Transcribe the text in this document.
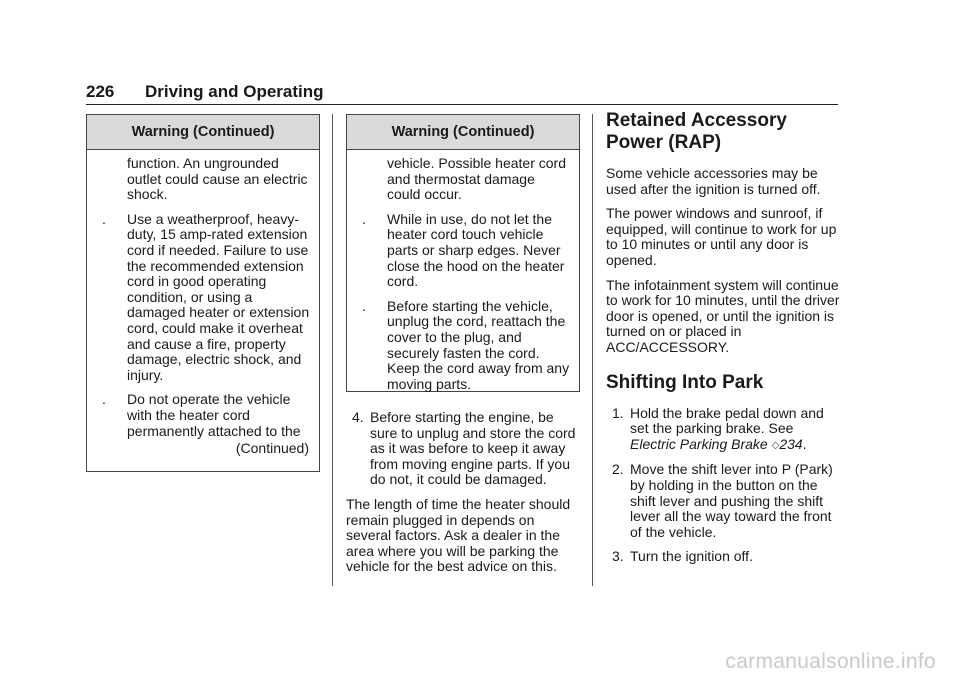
226 Driving and Operating
Warning (Continued)

function. An ungrounded outlet could cause an electric shock.

. Use a weatherproof, heavy-duty, 15 amp-rated extension cord if needed. Failure to use the recommended extension cord in good operating condition, or using a damaged heater or extension cord, could make it overheat and cause a fire, property damage, electric shock, and injury.
. Do not operate the vehicle with the heater cord permanently attached to the
(Continued)
Warning (Continued)

vehicle. Possible heater cord and thermostat damage could occur.

. While in use, do not let the heater cord touch vehicle parts or sharp edges. Never close the hood on the heater cord.
. Before starting the vehicle, unplug the cord, reattach the cover to the plug, and securely fasten the cord. Keep the cord away from any moving parts.
4. Before starting the engine, be sure to unplug and store the cord as it was before to keep it away from moving engine parts. If you do not, it could be damaged.

The length of time the heater should remain plugged in depends on several factors. Ask a dealer in the area where you will be parking the vehicle for the best advice on this.

Retained Accessory Power (RAP)

Some vehicle accessories may be used after the ignition is turned off.

The power windows and sunroof, if equipped, will continue to work for up to 10 minutes or until any door is opened.

The infotainment system will continue to work for 10 minutes, until the driver door is opened, or until the ignition is turned on or placed in ACC/ACCESSORY.

Shifting Into Park
1. Hold the brake pedal down and set the parking brake. See Electric Parking Brake ◇234.
2. Move the shift lever into P (Park) by holding in the button on the shift lever and pushing the shift lever all the way toward the front of the vehicle.
3. Turn the ignition off.
carmanualsonline.info
